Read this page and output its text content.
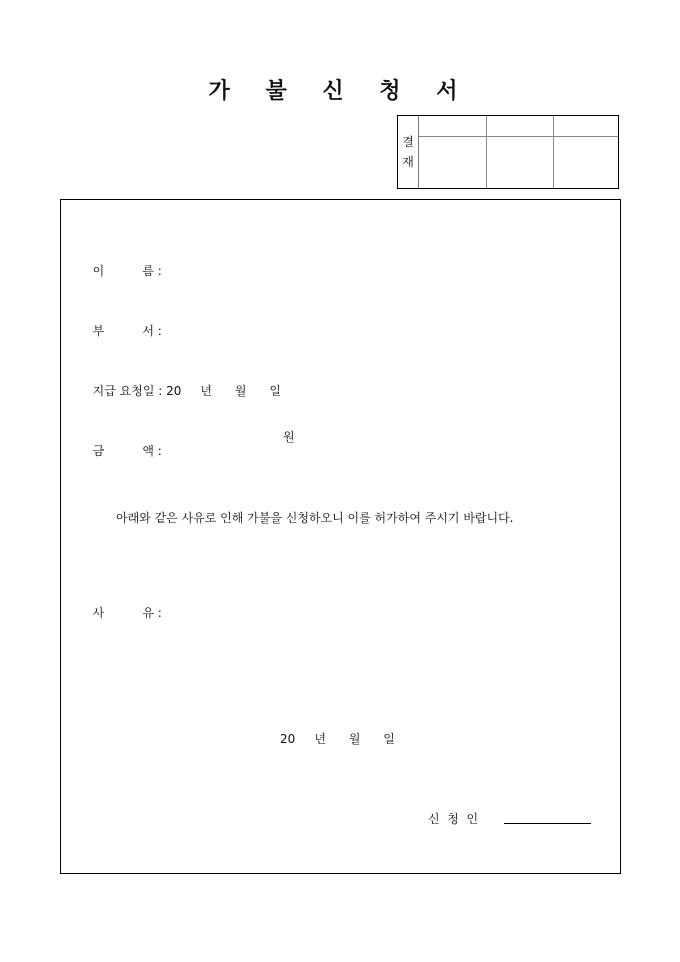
가 불 신 청 서
결
재

이          름 :

부          서 :

지급 요청일 : 20     년      월      일

금          액 :

원
아래와 같은 사유로 인해 가불을 신청하오니 이를 허가하여 주시기 바랍니다.

사          유 :

20     년      월      일
신  청  인
